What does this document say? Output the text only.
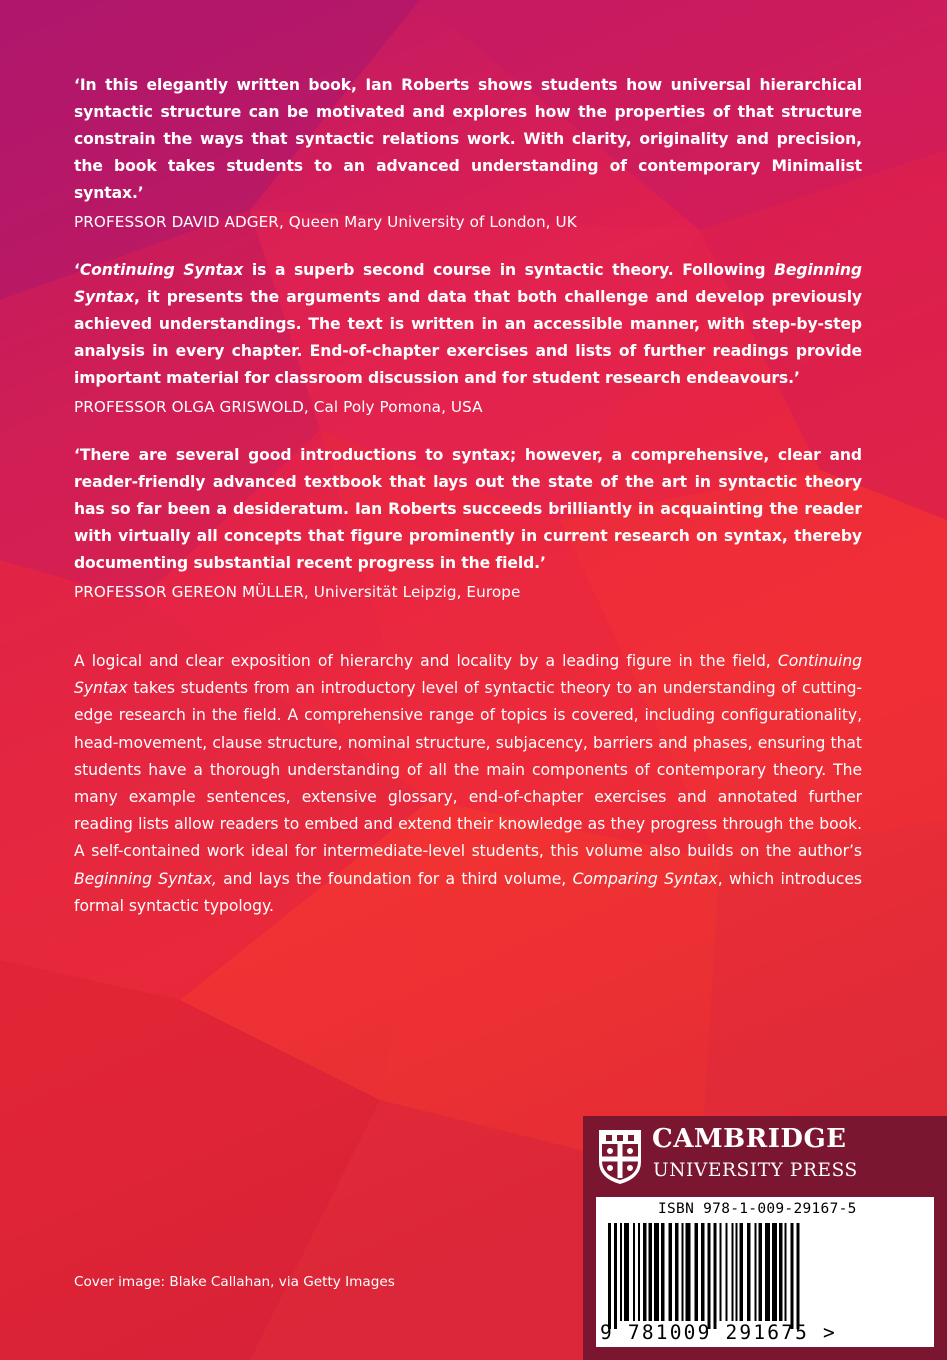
‘In this elegantly written book, Ian Roberts shows students how universal hierarchical syntactic structure can be motivated and explores how the properties of that structure constrain the ways that syntactic relations work. With clarity, originality and precision, the book takes students to an advanced understanding of contemporary Minimalist syntax.’

PROFESSOR DAVID ADGER, Queen Mary University of London, UK

‘Continuing Syntax is a superb second course in syntactic theory. Following Beginning Syntax, it presents the arguments and data that both challenge and develop previously achieved understandings. The text is written in an accessible manner, with step-by-step analysis in every chapter. End-of-chapter exercises and lists of further readings provide important material for classroom discussion and for student research endeavours.’

PROFESSOR OLGA GRISWOLD, Cal Poly Pomona, USA

‘There are several good introductions to syntax; however, a comprehensive, clear and reader-friendly advanced textbook that lays out the state of the art in syntactic theory has so far been a desideratum. Ian Roberts succeeds brilliantly in acquainting the reader with virtually all concepts that figure prominently in current research on syntax, thereby documenting substantial recent progress in the field.’

PROFESSOR GEREON MÜLLER, Universität Leipzig, Europe

A logical and clear exposition of hierarchy and locality by a leading figure in the field, Continuing Syntax takes students from an introductory level of syntactic theory to an understanding of cutting-edge research in the field. A comprehensive range of topics is covered, including configurationality, head-movement, clause structure, nominal structure, subjacency, barriers and phases, ensuring that students have a thorough understanding of all the main components of contemporary theory. The many example sentences, extensive glossary, end-of-chapter exercises and annotated further reading lists allow readers to embed and extend their knowledge as they progress through the book. A self-contained work ideal for intermediate-level students, this volume also builds on the author’s Beginning Syntax, and lays the foundation for a third volume, Comparing Syntax, which introduces formal syntactic typology.

Cover image: Blake Callahan, via Getty Images
CAMBRIDGE
UNIVERSITY PRESS
ISBN 978-1-009-29167-5
9 781009 291675 >
